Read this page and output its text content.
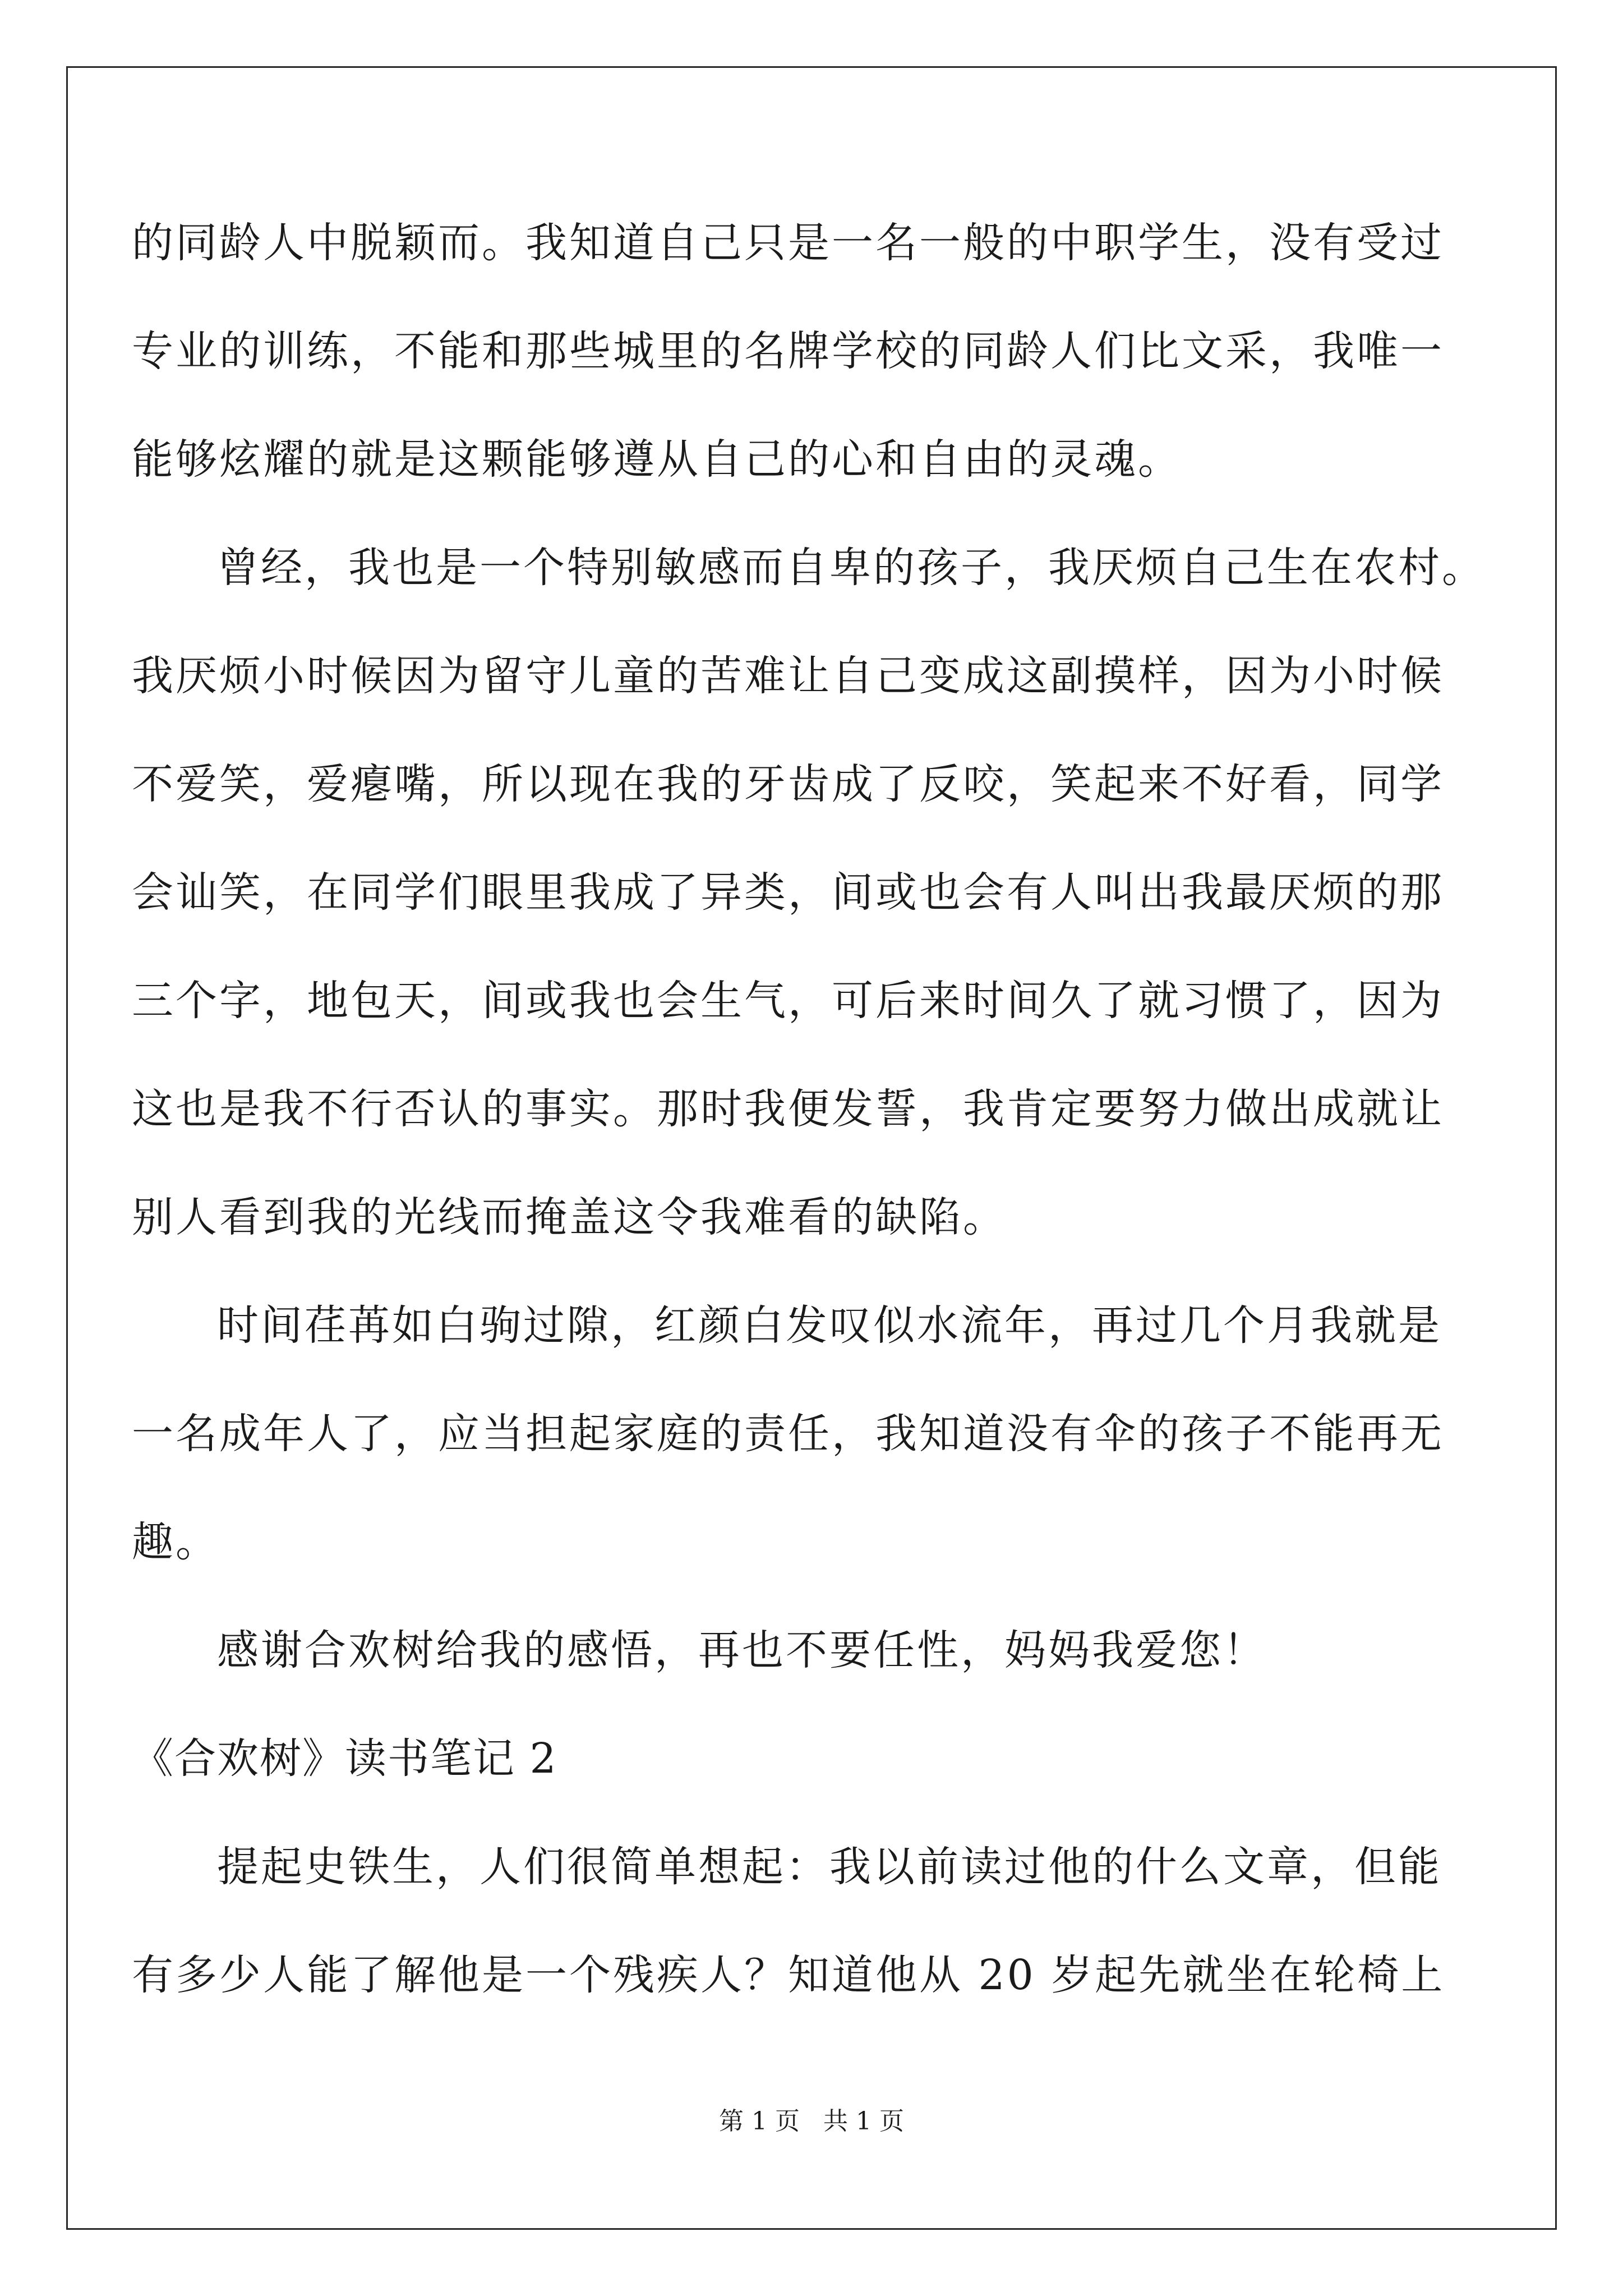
的同龄人中脱颖而。我知道自己只是一名一般的中职学生，没有受过
专业的训练，不能和那些城里的名牌学校的同龄人们比文采，我唯一
能够炫耀的就是这颗能够遵从自己的心和自由的灵魂。
曾经，我也是一个特别敏感而自卑的孩子，我厌烦自己生在农村。
我厌烦小时候因为留守儿童的苦难让自己变成这副摸样，因为小时候
不爱笑，爱瘪嘴，所以现在我的牙齿成了反咬，笑起来不好看，同学
会讪笑，在同学们眼里我成了异类，间或也会有人叫出我最厌烦的那
三个字，地包天，间或我也会生气，可后来时间久了就习惯了，因为
这也是我不行否认的事实。那时我便发誓，我肯定要努力做出成就让
别人看到我的光线而掩盖这令我难看的缺陷。
时间荏苒如白驹过隙，红颜白发叹似水流年，再过几个月我就是
一名成年人了，应当担起家庭的责任，我知道没有伞的孩子不能再无
趣。
感谢合欢树给我的感悟，再也不要任性，妈妈我爱您！
《合欢树》读书笔记 2
提起史铁生，人们很简单想起：我以前读过他的什么文章，但能
有多少人能了解他是一个残疾人？知道他从 20 岁起先就坐在轮椅上
第 1 页   共 1 页
